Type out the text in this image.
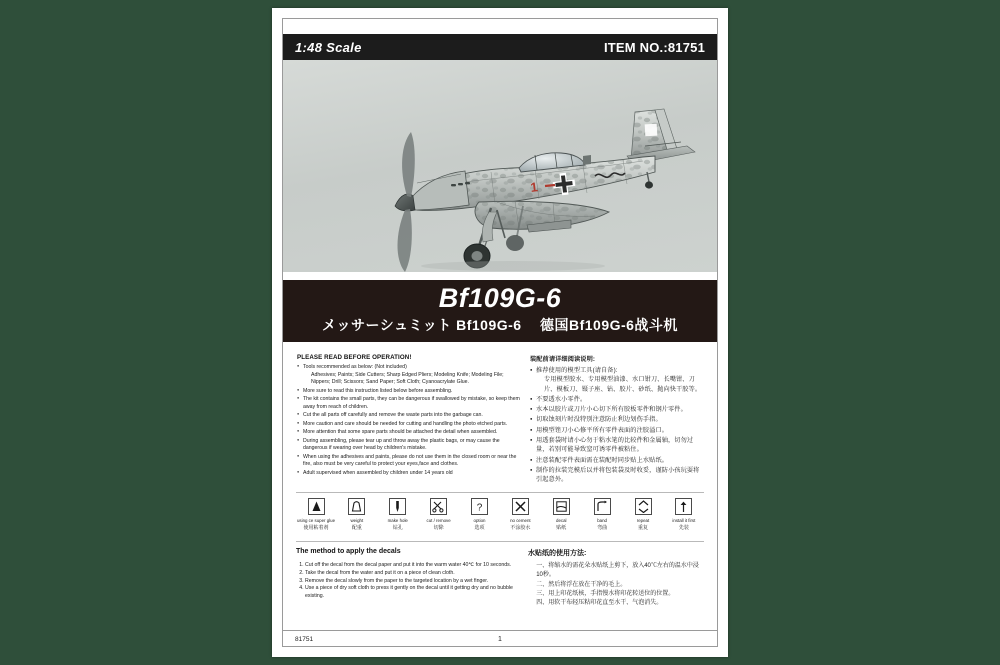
1:48 Scale	ITEM NO.:81751
1
Bf109G-6
メッサーシュミット Bf109G-6 德国Bf109G-6战斗机
PLEASE READ BEFORE OPERATION!
● Tools recommended as below: (Not included)
Adhesives; Paints; Side Cutters; Sharp Edged Pliers; Modeling Knife; Modeling File; Nippers; Drill; Scissors; Sand Paper; Soft Cloth; Cyanoacrylate Glue.
● More sure to read this instruction listed below before assembling.
● The kit contains the small parts, they can be dangerous if swallowed by mistake, so keep them away from reach of children.
● Cut the all parts off carefully and remove the waste parts into the garbage can.
● More caution and care should be needed for cutting and handling the photo etched parts.
● More attention that some spare parts should be attached the detail when assembled.
● During assembling, please tear up and throw away the plastic bags, or may cause the dangerous if wearing over head by children's mistake.
● When using the adhesives and paints, please do not use them in the closed room or near the fire, also must be very careful to protect your eyes,face and clothes.
● Adult supervised when assembled by children under 14 years old
装配前请详细阅读说明:
● 推荐使用的模型工具(请自备):
专用模型胶水、专用模型油漆、水口钳刀、长嘴钳、刀片、模板刀、镊子座、钻、胶片、砂纸、抛向快干胶等。
● 不要透水小零件。
● 水本以胶片或刀片小心切下所有胶板零件和钢片零件。
● 切取蚀刻片时没特别注意防止利边划伤手指。
● 用模型锉刀小心修平所有零件表面的注胶溢口。
● 用透套袋时请小心勿于粘水笔的比较件和金属轴，切勿过量，若别可能导致窒可诱零件被粘住。
● 注意装配零件表面需在装配时同步贴上水贴纸。
● 制作的拉装完模后以并将包装袋及时收妥，谨防小孩玩耍将引起意外。
using ce super glue
使用粘着剂
weight
配重
make hole
钻孔
cut / remove
切除
?
option
选项
no cement
不涂胶水
decal
贴纸
band
弯曲
repeat
重复
install it first
先装
The method to apply the decals	水贴纸的使用方法:
1. Cut off the decal from the decal paper and put it into the warm water 40℃ for 10 seconds.
2. Take the decal from the water and put it on a piece of clean cloth.
3. Remove the decal slowly from the paper to the targeted location by a wet finger.
4. Use a piece of dry soft cloth to press it gently on the decal until it getting dry and no bubble existing.
一、将缩水的需花朵水贴纸上剪下，放入40℃左右的温水中浸10秒。
二、然后将浮在放在干净的毛上。
三、用上印花纸核，手指慢水将印花转送位的位置。
四、用软干布轻压粘印花直至水干、气泡消失。
81751	1
